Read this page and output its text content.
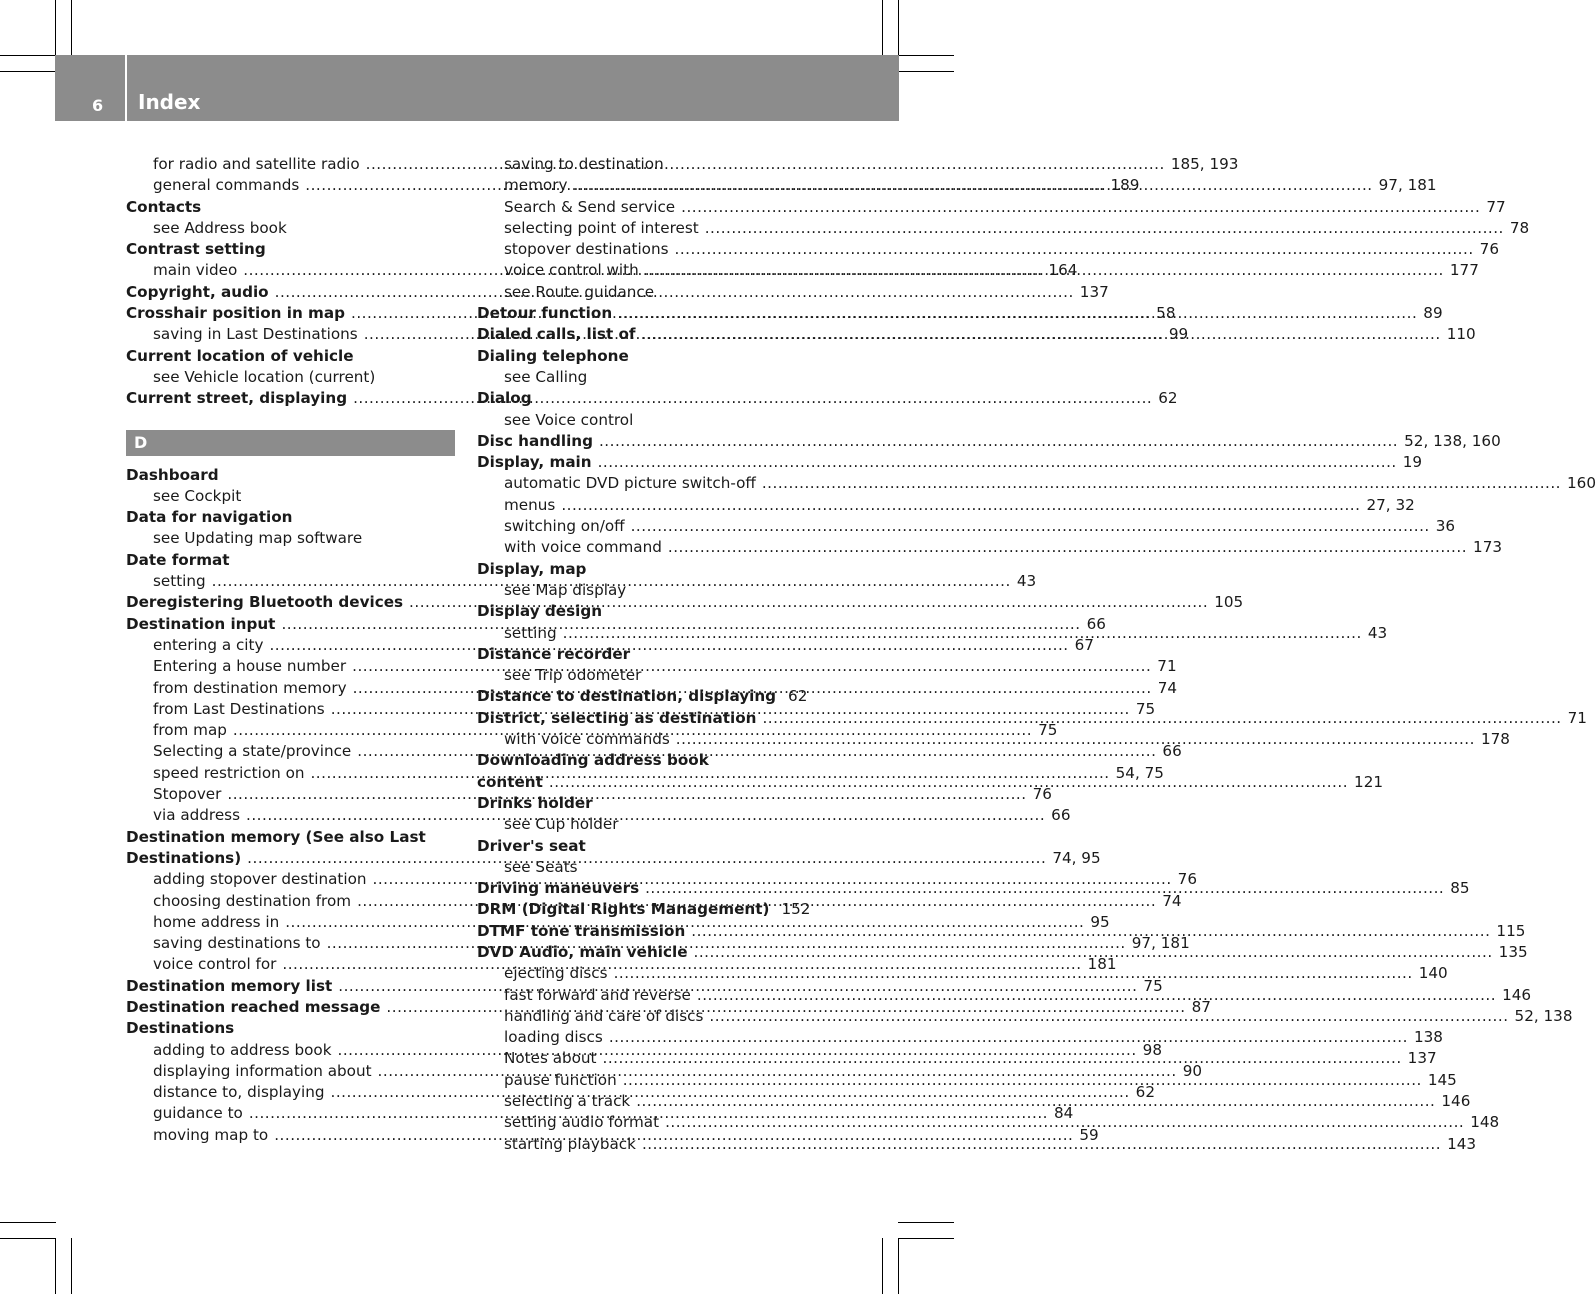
6 Index
for radio and satellite radio .....	185, 193
general commands .....	189
Contacts
see Address book
Contrast setting
main video .....	164
Copyright, audio .....	137
Crosshair position in map .....	58
saving in Last Destinations .....	99
Current location of vehicle
see Vehicle location (current)
Current street, displaying .....	62
D
Dashboard
see Cockpit
Data for navigation
see Updating map software
Date format
setting .....	43
Deregistering Bluetooth devices .....	105
Destination input .....	66
entering a city .....	67
Entering a house number .....	71
from destination memory .....	74
from Last Destinations .....	75
from map .....	75
Selecting a state/province .....	66
speed restriction on .....	54, 75
Stopover .....	76
via address .....	66
Destination memory (See also Last
Destinations) .....	74, 95
adding stopover destination .....	76
choosing destination from .....	74
home address in .....	95
saving destinations to .....	97, 181
voice control for .....	181
Destination memory list .....	75
Destination reached message .....	87
Destinations
adding to address book .....	98
displaying information about .....	90
distance to, displaying .....	62
guidance to .....	84
moving map to .....	59
saving to destination
memory .....	97, 181
Search & Send service .....	77
selecting point of interest .....	78
stopover destinations .....	76
voice control with .....	177
see Route guidance
Detour function .....	89
Dialed calls, list of .....	110
Dialing telephone
see Calling
Dialog
see Voice control
Disc handling .....	52, 138, 160
Display, main .....	19
automatic DVD picture switch-off .....	160
menus .....	27, 32
switching on/off .....	36
with voice command .....	173
Display, map
see Map display
Display design
setting .....	43
Distance recorder
see Trip odometer
Distance to destination, displaying 62
District, selecting as destination .....	71
with voice commands .....	178
Downloading address book
content .....	121
Drinks holder
see Cup holder
Driver's seat
see Seats
Driving maneuvers .....	85
DRM (Digital Rights Management) 152
DTMF tone transmission .....	115
DVD Audio, main vehicle .....	135
ejecting discs .....	140
fast forward and reverse .....	146
handling and care of discs .....	52, 138
loading discs .....	138
Notes about .....	137
pause function .....	145
selecting a track .....	146
setting audio format .....	148
starting playback .....	143
